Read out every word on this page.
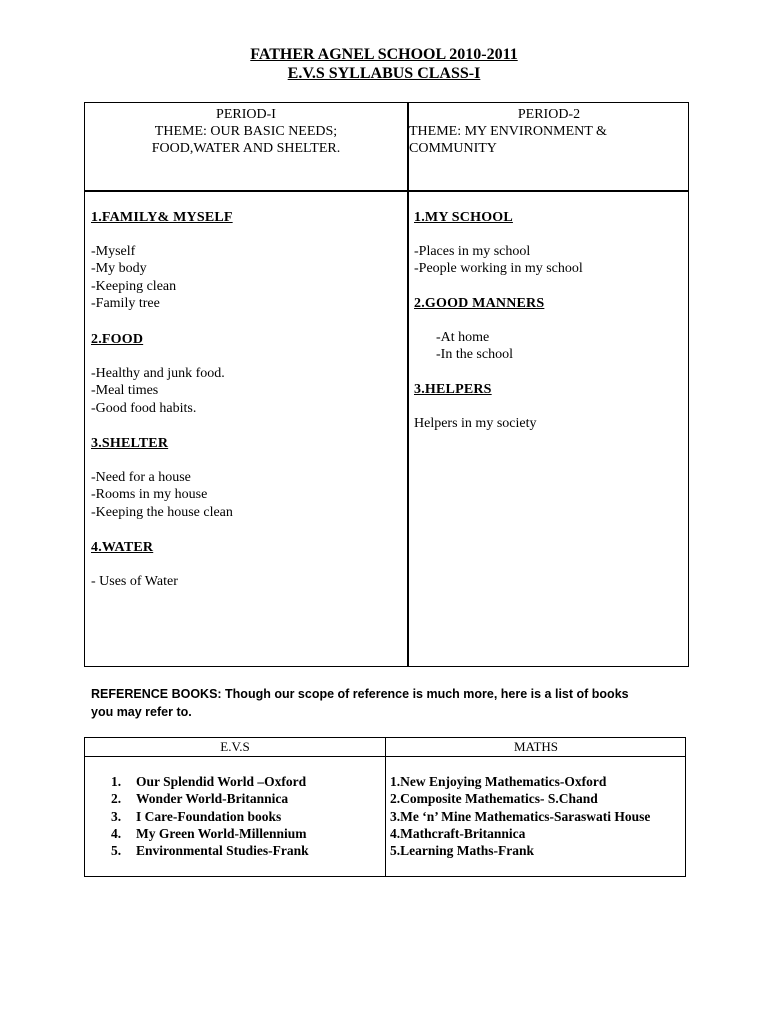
FATHER AGNEL SCHOOL 2010-2011
E.V.S SYLLABUS CLASS-I
PERIOD-I
THEME: OUR BASIC NEEDS;
FOOD,WATER AND SHELTER.
PERIOD-2
THEME: MY ENVIRONMENT &
COMMUNITY
1.FAMILY& MYSELF
-Myself
-My body
-Keeping clean
-Family tree
2.FOOD
-Healthy and junk food.
-Meal times
-Good food habits.
3.SHELTER
-Need for a house
-Rooms in my house
-Keeping the house clean
4.WATER
- Uses of Water
1.MY SCHOOL
-Places in my school
-People working in my school
2.GOOD MANNERS
-At home
-In the school
3.HELPERS
Helpers in my society
REFERENCE BOOKS: Though our scope of reference is much more, here is a list of books
you may refer to.
E.V.S	MATHS
1. Our Splendid World –Oxford
2. Wonder World-Britannica
3. I Care-Foundation books
4. My Green World-Millennium
5. Environmental Studies-Frank
1.New Enjoying Mathematics-Oxford
2.Composite Mathematics- S.Chand
3.Me ‘n’ Mine Mathematics-Saraswati House
4.Mathcraft-Britannica
5.Learning Maths-Frank
